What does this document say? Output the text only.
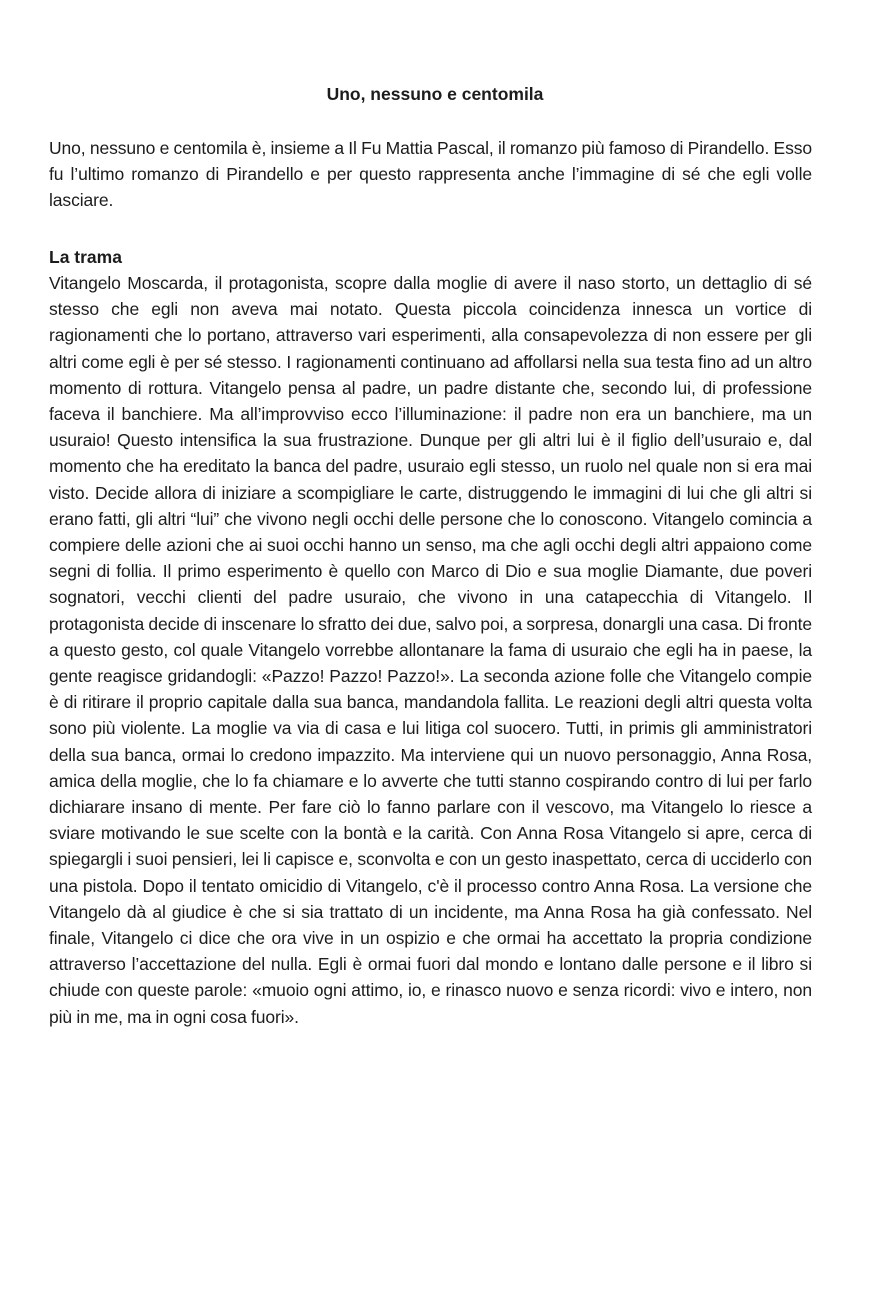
Uno, nessuno e centomila

Uno, nessuno e centomila è, insieme a Il Fu Mattia Pascal, il romanzo più famoso di Pirandello. Esso fu l’ultimo romanzo di Pirandello e per questo rappresenta anche l’immagine di sé che egli volle lasciare.

La trama

Vitangelo Moscarda, il protagonista, scopre dalla moglie di avere il naso storto, un dettaglio di sé stesso che egli non aveva mai notato. Questa piccola coincidenza innesca un vortice di ragionamenti che lo portano, attraverso vari esperimenti, alla consapevolezza di non essere per gli altri come egli è per sé stesso. I ragionamenti continuano ad affollarsi nella sua testa fino ad un altro momento di rottura. Vitangelo pensa al padre, un padre distante che, secondo lui, di professione faceva il banchiere. Ma all’improvviso ecco l’illuminazione: il padre non era un banchiere, ma un usuraio! Questo intensifica la sua frustrazione. Dunque per gli altri lui è il figlio dell’usuraio e, dal momento che ha ereditato la banca del padre, usuraio egli stesso, un ruolo nel quale non si era mai visto. Decide allora di iniziare a scompigliare le carte, distruggendo le immagini di lui che gli altri si erano fatti, gli altri “lui” che vivono negli occhi delle persone che lo conoscono. Vitangelo comincia a compiere delle azioni che ai suoi occhi hanno un senso, ma che agli occhi degli altri appaiono come segni di follia. Il primo esperimento è quello con Marco di Dio e sua moglie Diamante, due poveri sognatori, vecchi clienti del padre usuraio, che vivono in una catapecchia di Vitangelo. Il protagonista decide di inscenare lo sfratto dei due, salvo poi, a sorpresa, donargli una casa. Di fronte a questo gesto, col quale Vitangelo vorrebbe allontanare la fama di usuraio che egli ha in paese, la gente reagisce gridandogli: «Pazzo! Pazzo! Pazzo!». La seconda azione folle che Vitangelo compie è di ritirare il proprio capitale dalla sua banca, mandandola fallita. Le reazioni degli altri questa volta sono più violente. La moglie va via di casa e lui litiga col suocero. Tutti, in primis gli amministratori della sua banca, ormai lo credono impazzito. Ma interviene qui un nuovo personaggio, Anna Rosa, amica della moglie, che lo fa chiamare e lo avverte che tutti stanno cospirando contro di lui per farlo dichiarare insano di mente. Per fare ciò lo fanno parlare con il vescovo, ma Vitangelo lo riesce a sviare motivando le sue scelte con la bontà e la carità. Con Anna Rosa Vitangelo si apre, cerca di spiegargli i suoi pensieri, lei li capisce e, sconvolta e con un gesto inaspettato, cerca di ucciderlo con una pistola. Dopo il tentato omicidio di Vitangelo, c'è il processo contro Anna Rosa. La versione che Vitangelo dà al giudice è che si sia trattato di un incidente, ma Anna Rosa ha già confessato. Nel finale, Vitangelo ci dice che ora vive in un ospizio e che ormai ha accettato la propria condizione attraverso l’accettazione del nulla. Egli è ormai fuori dal mondo e lontano dalle persone e il libro si chiude con queste parole: «muoio ogni attimo, io, e rinasco nuovo e senza ricordi: vivo e intero, non più in me, ma in ogni cosa fuori».
